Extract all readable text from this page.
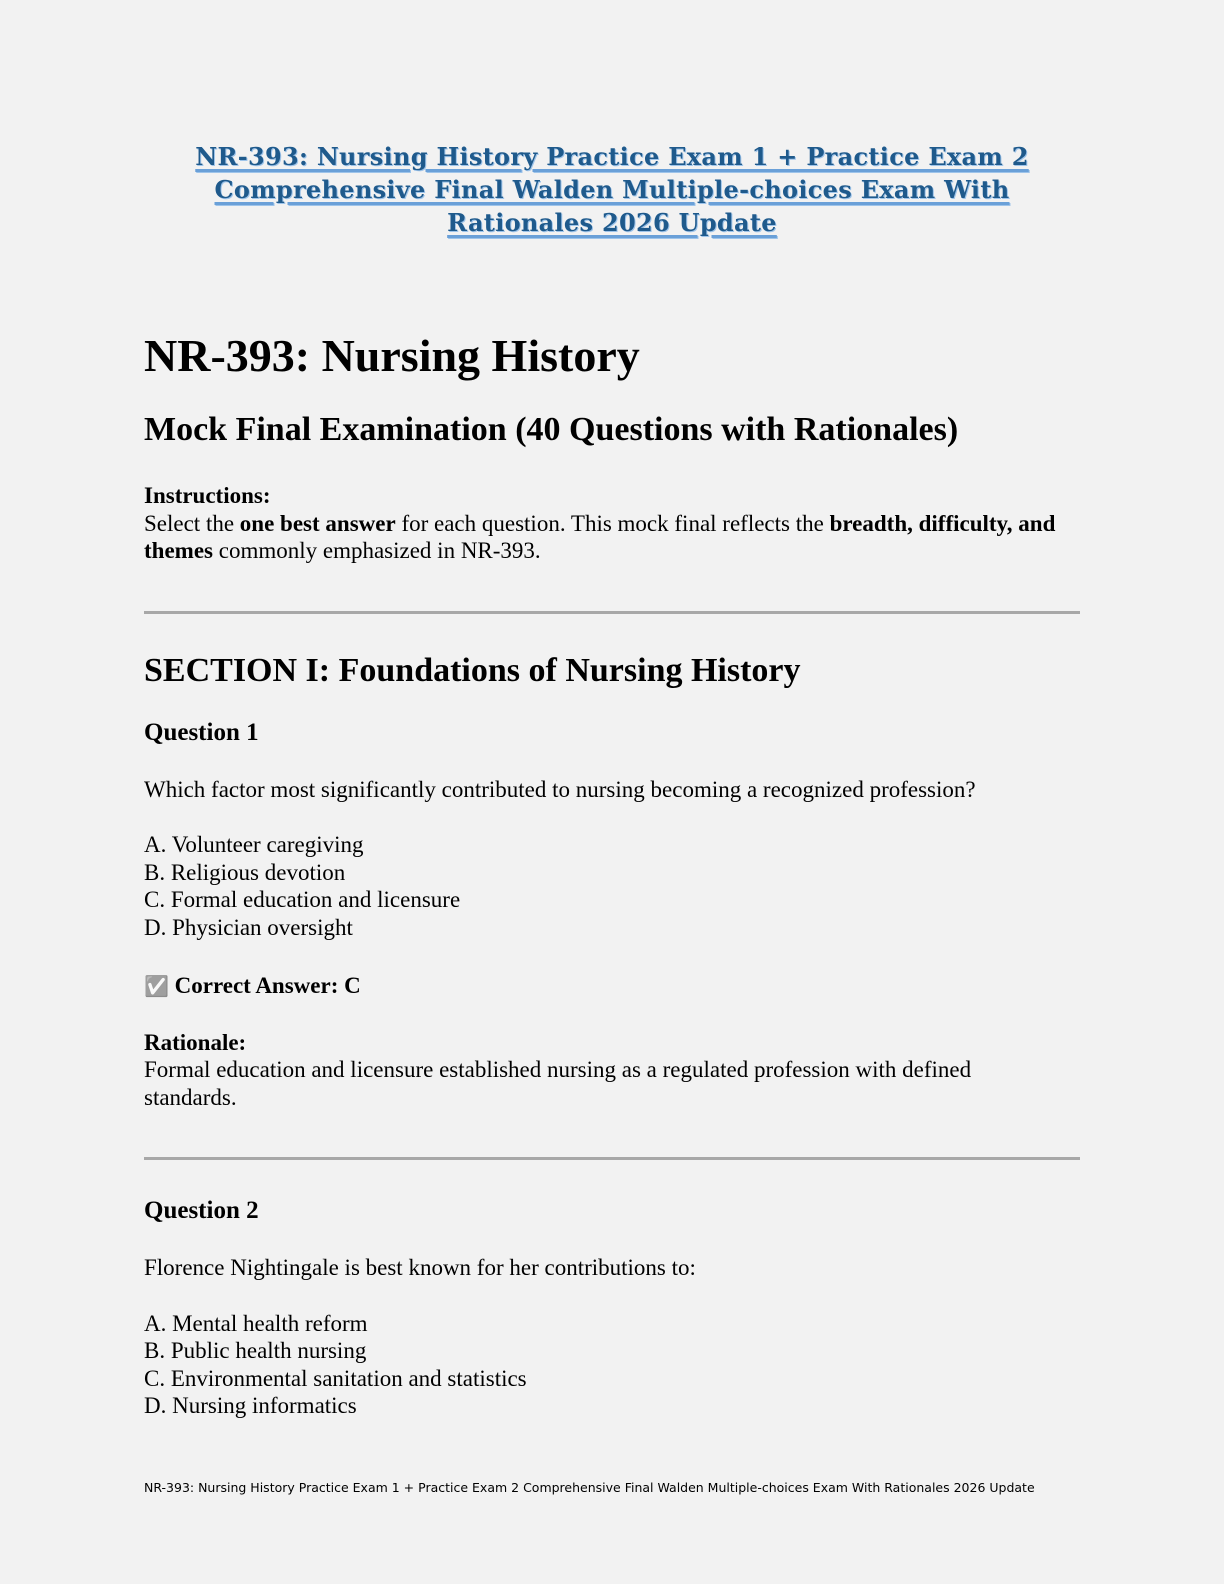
NR-393: Nursing History Practice Exam 1 + Practice Exam 2
Comprehensive Final Walden Multiple-choices Exam With
Rationales 2026 Update
NR-393: Nursing History
Mock Final Examination (40 Questions with Rationales)

Instructions:

Select the one best answer for each question. This mock final reflects the breadth, difficulty, and themes commonly emphasized in NR-393.

SECTION I: Foundations of Nursing History
Question 1

Which factor most significantly contributed to nursing becoming a recognized profession?

A. Volunteer caregiving

B. Religious devotion

C. Formal education and licensure

D. Physician oversight

✅ Correct Answer: C

Rationale:

Formal education and licensure established nursing as a regulated profession with defined standards.

Question 2

Florence Nightingale is best known for her contributions to:

A. Mental health reform

B. Public health nursing

C. Environmental sanitation and statistics

D. Nursing informatics

NR-393: Nursing History Practice Exam 1 + Practice Exam 2 Comprehensive Final Walden Multiple-choices Exam With Rationales 2026 Update
